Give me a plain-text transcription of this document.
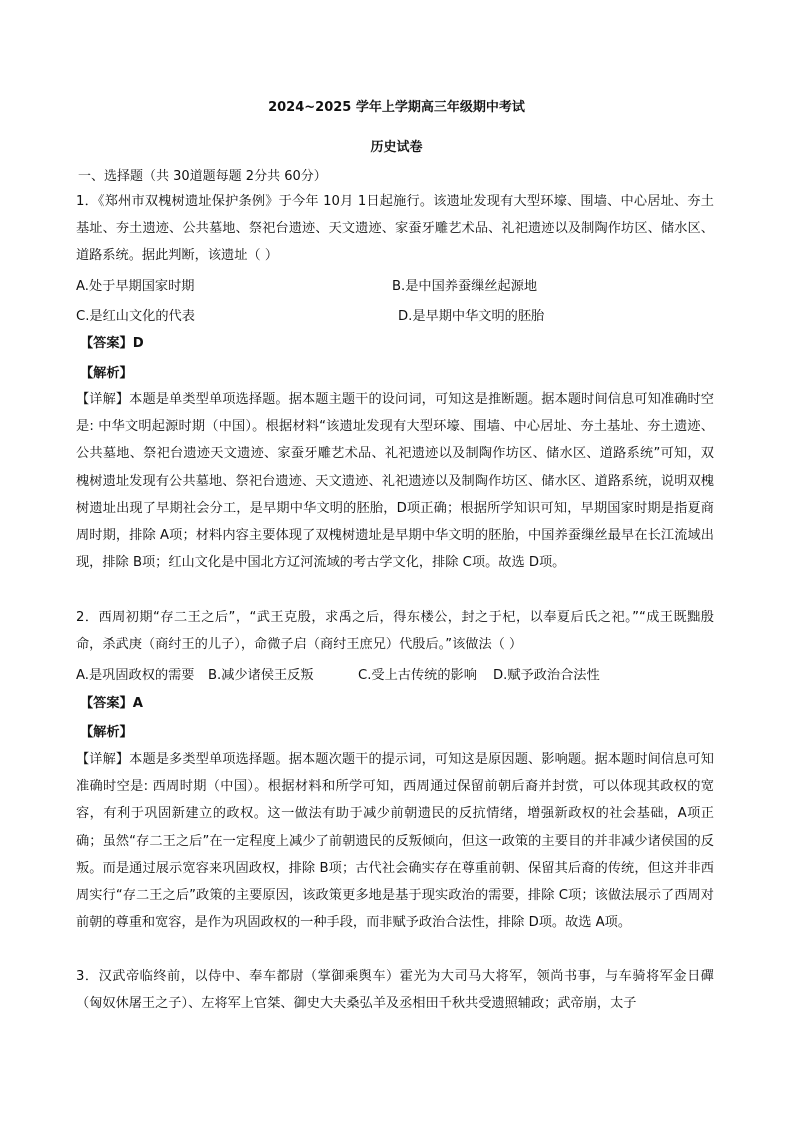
2024~2025 学年上学期高三年级期中考试
历史试卷
一、选择题（共 30道题每题 2分共 60分）

1．《郑州市双槐树遗址保护条例》于今年 10月 1日起施行。该遗址发现有大型环壕、围墙、中心居址、夯土基址、夯土遗迹、公共墓地、祭祀台遗迹、天文遗迹、家蚕牙雕艺术品、礼祀遗迹以及制陶作坊区、储水区、道路系统。据此判断，该遗址（ ）

A.处于早期国家时期	B.是中国养蚕缫丝起源地
C.是红山文化的代表	D.是早期中华文明的胚胎
【答案】D
【解析】

【详解】本题是单类型单项选择题。据本题主题干的设问词，可知这是推断题。据本题时间信息可知准确时空是: 中华文明起源时期（中国）。根据材料“该遗址发现有大型环壕、围墙、中心居址、夯土基址、夯土遗迹、公共墓地、祭祀台遗迹天文遗迹、家蚕牙雕艺术品、礼祀遗迹以及制陶作坊区、储水区、道路系统”可知，双槐树遗址发现有公共墓地、祭祀台遗迹、天文遗迹、礼祀遗迹以及制陶作坊区、储水区、道路系统，说明双槐树遗址出现了早期社会分工，是早期中华文明的胚胎，D项正确；根据所学知识可知，早期国家时期是指夏商周时期，排除 A项；材料内容主要体现了双槐树遗址是早期中华文明的胚胎，中国养蚕缫丝最早在长江流域出现，排除 B项；红山文化是中国北方辽河流域的考古学文化，排除 C项。故选 D项。

2．西周初期“存二王之后”，“武王克殷，求禹之后，得东楼公，封之于杞，以奉夏后氏之祀。”“成王既黜殷命，杀武庚（商纣王的儿子），命微子启（商纣王庶兄）代殷后。”该做法（ ）

A.是巩固政权的需要 B.减少诸侯王反叛	C.受上古传统的影响 D.赋予政治合法性
【答案】A
【解析】

【详解】本题是多类型单项选择题。据本题次题干的提示词，可知这是原因题、影响题。据本题时间信息可知准确时空是: 西周时期（中国）。根据材料和所学可知，西周通过保留前朝后裔并封赏，可以体现其政权的宽容，有利于巩固新建立的政权。这一做法有助于减少前朝遗民的反抗情绪，增强新政权的社会基础，A项正确；虽然“存二王之后”在一定程度上减少了前朝遗民的反叛倾向，但这一政策的主要目的并非减少诸侯国的反叛。而是通过展示宽容来巩固政权，排除 B项；古代社会确实存在尊重前朝、保留其后裔的传统，但这并非西周实行“存二王之后”政策的主要原因，该政策更多地是基于现实政治的需要，排除 C项；该做法展示了西周对前朝的尊重和宽容，是作为巩固政权的一种手段，而非赋予政治合法性，排除 D项。故选 A项。

3．汉武帝临终前，以侍中、奉车都尉（掌御乘舆车）霍光为大司马大将军，领尚书事，与车骑将军金日磾（匈奴休屠王之子）、左将军上官桀、御史大夫桑弘羊及丞相田千秋共受遗照辅政；武帝崩，太子
